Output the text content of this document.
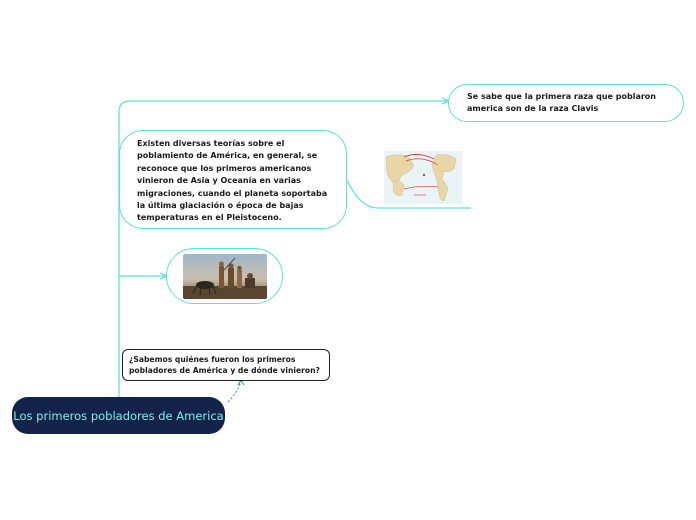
Se sabe que la primera raza que poblaron america son de la raza Clavis
Existen diversas teorías sobre el poblamiento de América, en general, se reconoce que los primeros americanos vinieron de Asia y Oceanía en varias migraciones, cuando el planeta soportaba la última glaciación o época de bajas temperaturas en el Pleistoceno.
¿Sabemos quiénes fueron los primeros pobladores de América y de dónde vinieron?
Los primeros pobladores de America
